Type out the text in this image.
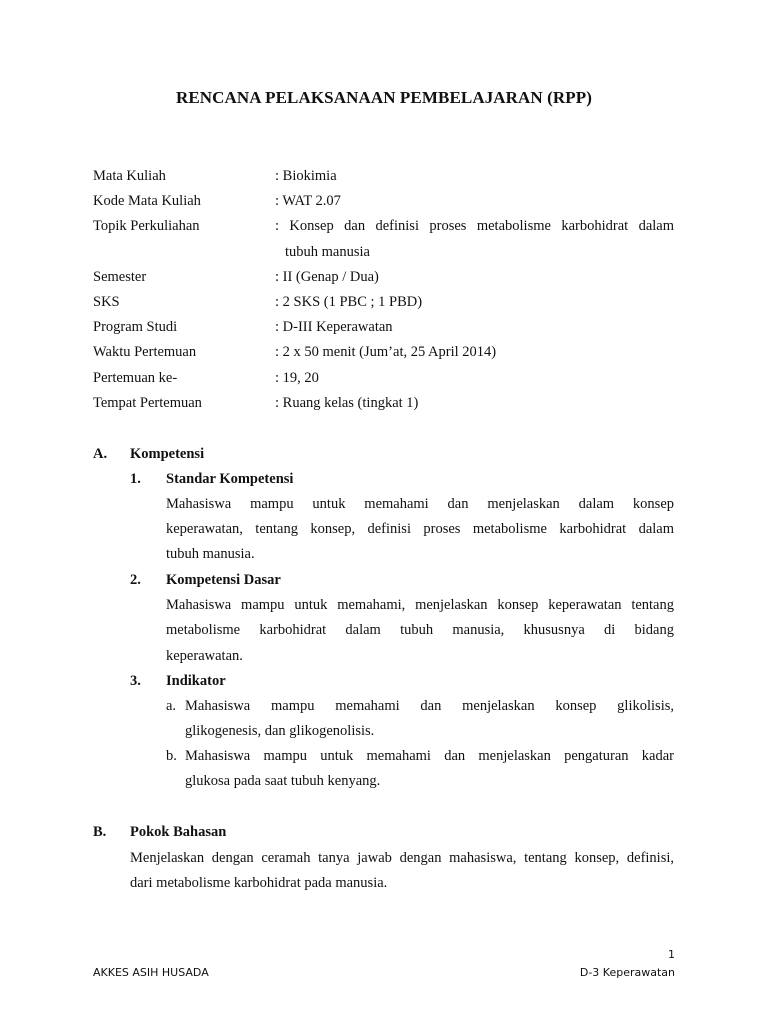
RENCANA PELAKSANAAN PEMBELAJARAN (RPP)
Mata Kuliah	: Biokimia
Kode Mata Kuliah	: WAT 2.07
Topik Perkuliahan	: Konsep dan definisi proses metabolisme karbohidrat dalam
tubuh manusia
Semester	: II (Genap / Dua)
SKS	: 2 SKS (1 PBC ; 1 PBD)
Program Studi	: D-III Keperawatan
Waktu Pertemuan	: 2 x 50 menit (Jum’at, 25 April 2014)
Pertemuan ke-	: 19, 20
Tempat Pertemuan	: Ruang kelas (tingkat 1)
A. Kompetensi
1. Standar Kompetensi
Mahasiswa mampu untuk memahami dan menjelaskan dalam konsep
keperawatan, tentang konsep, definisi proses metabolisme karbohidrat dalam
tubuh manusia.
2. Kompetensi Dasar
Mahasiswa mampu untuk memahami, menjelaskan konsep keperawatan tentang
metabolisme karbohidrat dalam tubuh manusia, khususnya di bidang
keperawatan.
3. Indikator
a. Mahasiswa mampu memahami dan menjelaskan konsep glikolisis,
glikogenesis, dan glikogenolisis.
b. Mahasiswa mampu untuk memahami dan menjelaskan pengaturan kadar
glukosa pada saat tubuh kenyang.
B. Pokok Bahasan
Menjelaskan dengan ceramah tanya jawab dengan mahasiswa, tentang konsep, definisi,
dari metabolisme karbohidrat pada manusia.
1
AKKES ASIH HUSADA	D-3 Keperawatan
